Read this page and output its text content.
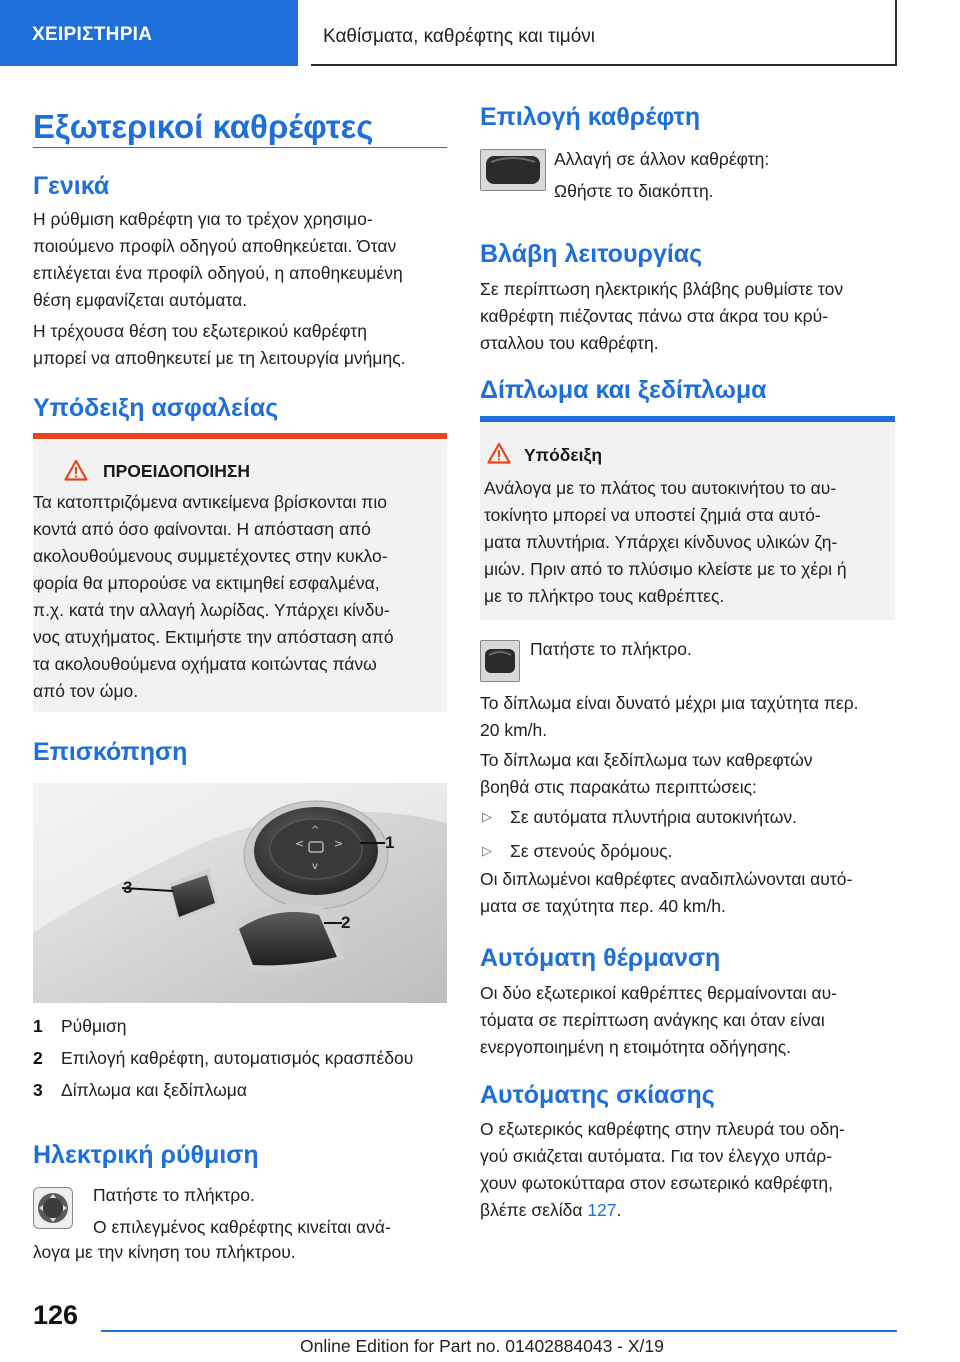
ΧΕΙΡΙΣΤΗΡΙΑ	Καθίσματα, καθρέφτης και τιμόνι
Εξωτερικοί καθρέφτες
Γενικά
Η ρύθμιση καθρέφτη για το τρέχον χρησιμο-
ποιούμενο προφίλ οδηγού αποθηκεύεται. Όταν
επιλέγεται ένα προφίλ οδηγού, η αποθηκευμένη
θέση εμφανίζεται αυτόματα.
Η τρέχουσα θέση του εξωτερικού καθρέφτη
μπορεί να αποθηκευτεί με τη λειτουργία μνήμης.
Υπόδειξη ασφαλείας
ΠΡΟΕΙΔΟΠΟΙΗΣΗ
Τα κατοπτριζόμενα αντικείμενα βρίσκονται πιο
κοντά από όσο φαίνονται. Η απόσταση από
ακολουθούμενους συμμετέχοντες στην κυκλο-
φορία θα μπορούσε να εκτιμηθεί εσφαλμένα,
π.χ. κατά την αλλαγή λωρίδας. Υπάρχει κίνδυ-
νος ατυχήματος. Εκτιμήστε την απόσταση από
τα ακολουθούμενα οχήματα κοιτώντας πάνω
από τον ώμο.
Επισκόπηση
<	>
^
v
1
2
3
1 Ρύθμιση
2 Επιλογή καθρέφτη, αυτοματισμός κρασπέδου
3 Δίπλωμα και ξεδίπλωμα
Ηλεκτρική ρύθμιση
Πατήστε το πλήκτρο.
Ο επιλεγμένος καθρέφτης κινείται ανά-
λογα με την κίνηση του πλήκτρου.
Επιλογή καθρέφτη
Αλλαγή σε άλλον καθρέφτη:
Ωθήστε το διακόπτη.
Βλάβη λειτουργίας
Σε περίπτωση ηλεκτρικής βλάβης ρυθμίστε τον
καθρέφτη πιέζοντας πάνω στα άκρα του κρύ-
σταλλου του καθρέφτη.
Δίπλωμα και ξεδίπλωμα
Υπόδειξη
Ανάλογα με το πλάτος του αυτοκινήτου το αυ-
τοκίνητο μπορεί να υποστεί ζημιά στα αυτό-
ματα πλυντήρια. Υπάρχει κίνδυνος υλικών ζη-
μιών. Πριν από το πλύσιμο κλείστε με το χέρι ή
με το πλήκτρο τους καθρέπτες.
Πατήστε το πλήκτρο.
Το δίπλωμα είναι δυνατό μέχρι μια ταχύτητα περ.
20 km/h.
Το δίπλωμα και ξεδίπλωμα των καθρεφτών
βοηθά στις παρακάτω περιπτώσεις:
▷ Σε αυτόματα πλυντήρια αυτοκινήτων.
▷ Σε στενούς δρόμους.
Οι διπλωμένοι καθρέφτες αναδιπλώνονται αυτό-
ματα σε ταχύτητα περ. 40 km/h.
Αυτόματη θέρμανση
Οι δύο εξωτερικοί καθρέπτες θερμαίνονται αυ-
τόματα σε περίπτωση ανάγκης και όταν είναι
ενεργοποιημένη η ετοιμότητα οδήγησης.
Αυτόματης σκίασης
Ο εξωτερικός καθρέφτης στην πλευρά του οδη-
γού σκιάζεται αυτόματα. Για τον έλεγχο υπάρ-
χουν φωτοκύτταρα στον εσωτερικό καθρέφτη,
βλέπε σελίδα 127.
126
Online Edition for Part no. 01402884043 - X/19
